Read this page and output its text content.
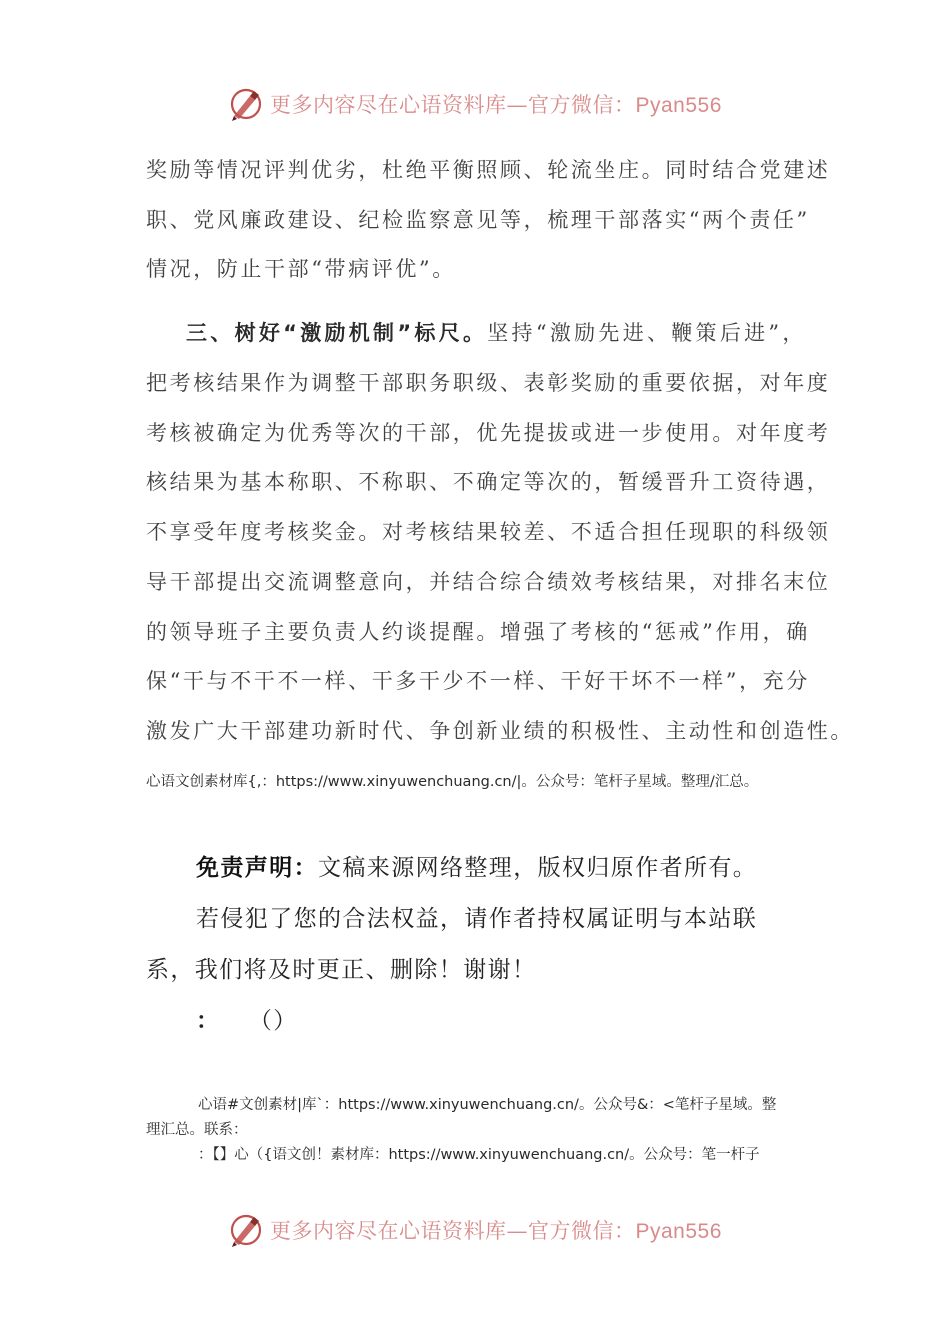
更多内容尽在心语资料库—官方微信：Pyan556
奖励等情况评判优劣，杜绝平衡照顾、轮流坐庄。同时结合党建述
职、党风廉政建设、纪检监察意见等，梳理干部落实“两个责任”
情况，防止干部“带病评优”。
三、树好“激励机制”标尺。坚持“激励先进、鞭策后进”，
把考核结果作为调整干部职务职级、表彰奖励的重要依据，对年度
考核被确定为优秀等次的干部，优先提拔或进一步使用。对年度考
核结果为基本称职、不称职、不确定等次的，暂缓晋升工资待遇，
不享受年度考核奖金。对考核结果较差、不适合担任现职的科级领
导干部提出交流调整意向，并结合综合绩效考核结果，对排名末位
的领导班子主要负责人约谈提醒。增强了考核的“惩戒”作用，确
保“干与不干不一样、干多干少不一样、干好干坏不一样”，充分
激发广大干部建功新时代、争创新业绩的积极性、主动性和创造性。
心语文创素材库{,：https://www.xinyuwenchuang.cn/|。公众号：笔杆子星域。整理/汇总。
免责声明：文稿来源网络整理，版权归原作者所有。
若侵犯了您的合法权益，请作者持权属证明与本站联
系，我们将及时更正、删除！谢谢！
： （）
心语#文创素材|库`：https://www.xinyuwenchuang.cn/。公众号&：<笔杆子星域。整
理汇总。联系：
：【】心（{语文创！素材库：https://www.xinyuwenchuang.cn/。公众号：笔一杆子
更多内容尽在心语资料库—官方微信：Pyan556
